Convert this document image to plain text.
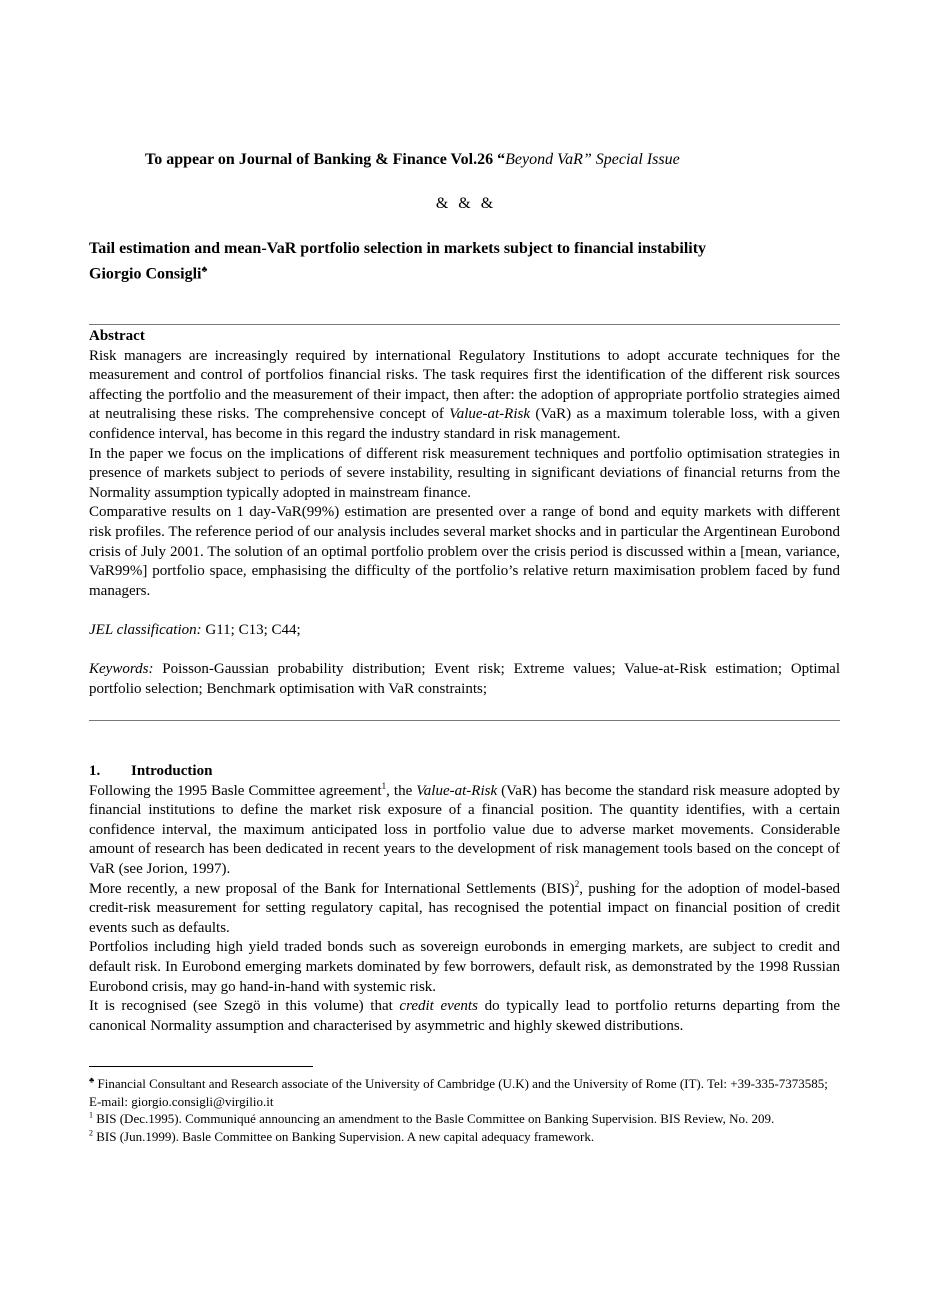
To appear on Journal of Banking & Finance Vol.26 “Beyond VaR” Special Issue
& & &
Tail estimation and mean-VaR portfolio selection in markets subject to financial instability
Giorgio Consigli♣

Abstract

Risk managers are increasingly required by international Regulatory Institutions to adopt accurate techniques for the measurement and control of portfolios financial risks. The task requires first the identification of the different risk sources affecting the portfolio and the measurement of their impact, then after: the adoption of appropriate portfolio strategies aimed at neutralising these risks. The comprehensive concept of Value-at-Risk (VaR) as a maximum tolerable loss, with a given confidence interval, has become in this regard the industry standard in risk management.

In the paper we focus on the implications of different risk measurement techniques and portfolio optimisation strategies in presence of markets subject to periods of severe instability, resulting in significant deviations of financial returns from the Normality assumption typically adopted in mainstream finance.

Comparative results on 1 day-VaR(99%) estimation are presented over a range of bond and equity markets with different risk profiles. The reference period of our analysis includes several market shocks and in particular the Argentinean Eurobond crisis of July 2001. The solution of an optimal portfolio problem over the crisis period is discussed within a [mean, variance, VaR99%] portfolio space, emphasising the difficulty of the portfolio’s relative return maximisation problem faced by fund managers.

JEL classification: G11; C13; C44;

Keywords: Poisson-Gaussian probability distribution; Event risk; Extreme values; Value-at-Risk estimation; Optimal portfolio selection; Benchmark optimisation with VaR constraints;

1. Introduction

Following the 1995 Basle Committee agreement$^1$, the Value-at-Risk (VaR) has become the standard risk measure adopted by financial institutions to define the market risk exposure of a financial position. The quantity identifies, with a certain confidence interval, the maximum anticipated loss in portfolio value due to adverse market movements. Considerable amount of research has been dedicated in recent years to the development of risk management tools based on the concept of VaR (see Jorion, 1997).

More recently, a new proposal of the Bank for International Settlements (BIS)$^2$, pushing for the adoption of model-based credit-risk measurement for setting regulatory capital, has recognised the potential impact on financial position of credit events such as defaults.

Portfolios including high yield traded bonds such as sovereign eurobonds in emerging markets, are subject to credit and default risk. In Eurobond emerging markets dominated by few borrowers, default risk, as demonstrated by the 1998 Russian Eurobond crisis, may go hand-in-hand with systemic risk.

It is recognised (see Szegö in this volume) that credit events do typically lead to portfolio returns departing from the canonical Normality assumption and characterised by asymmetric and highly skewed distributions.

♣ Financial Consultant and Research associate of the University of Cambridge (U.K) and the University of Rome (IT). Tel: +39-335-7373585; E-mail: giorgio.consigli@virgilio.it

$^1$ BIS (Dec.1995). Communiqué announcing an amendment to the Basle Committee on Banking Supervision. BIS Review, No. 209.

$^2$ BIS (Jun.1999). Basle Committee on Banking Supervision. A new capital adequacy framework.
